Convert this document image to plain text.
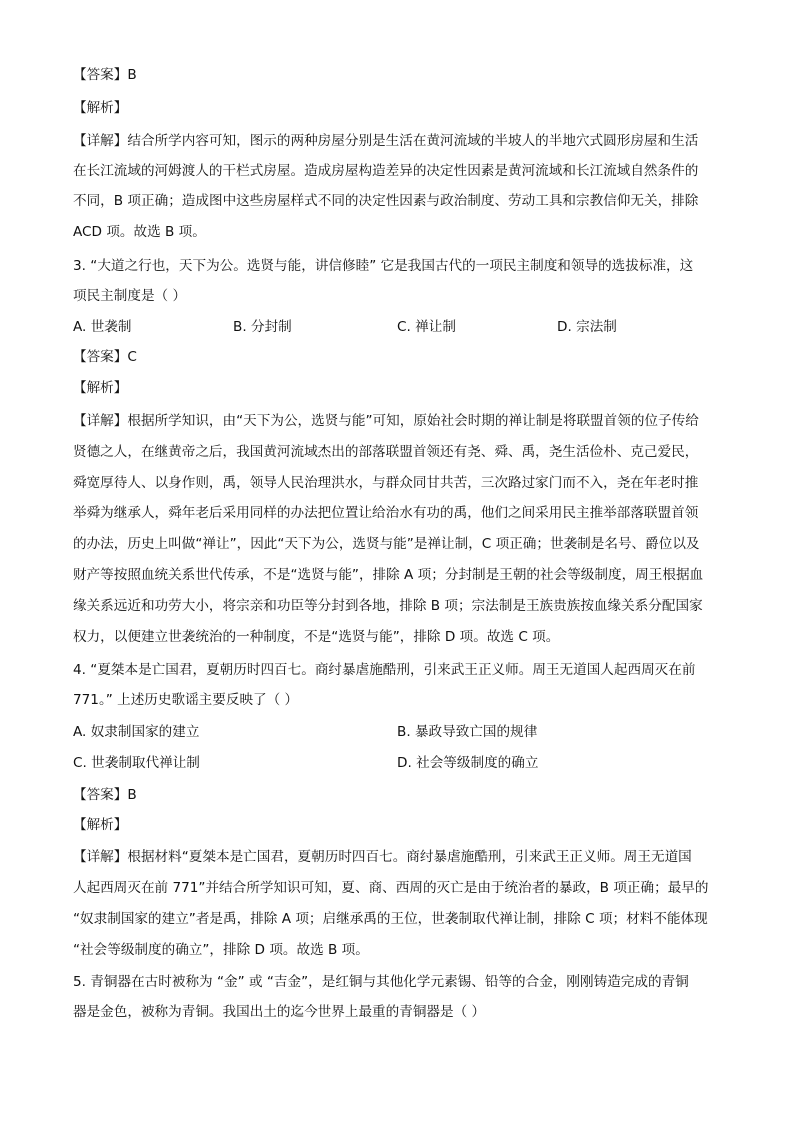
【答案】B
【解析】
【详解】结合所学内容可知，图示的两种房屋分别是生活在黄河流域的半坡人的半地穴式圆形房屋和生活
在长江流域的河姆渡人的干栏式房屋。造成房屋构造差异的决定性因素是黄河流域和长江流域自然条件的
不同，B 项正确；造成图中这些房屋样式不同的决定性因素与政治制度、劳动工具和宗教信仰无关，排除
ACD 项。故选 B 项。
3. “大道之行也，天下为公。选贤与能，讲信修睦” 它是我国古代的一项民主制度和领导的选拔标准，这
项民主制度是（ ）
A. 世袭制	B. 分封制	C. 禅让制	D. 宗法制
【答案】C
【解析】
【详解】根据所学知识，由“天下为公，选贤与能”可知，原始社会时期的禅让制是将联盟首领的位子传给
贤德之人，在继黄帝之后，我国黄河流域杰出的部落联盟首领还有尧、舜、禹，尧生活俭朴、克己爱民，
舜宽厚待人、以身作则，禹，领导人民治理洪水，与群众同甘共苦，三次路过家门而不入，尧在年老时推
举舜为继承人，舜年老后采用同样的办法把位置让给治水有功的禹，他们之间采用民主推举部落联盟首领
的办法，历史上叫做“禅让”，因此“天下为公，选贤与能”是禅让制，C 项正确；世袭制是名号、爵位以及
财产等按照血统关系世代传承，不是“选贤与能”，排除 A 项；分封制是王朝的社会等级制度，周王根据血
缘关系远近和功劳大小，将宗亲和功臣等分封到各地，排除 B 项；宗法制是王族贵族按血缘关系分配国家
权力，以便建立世袭统治的一种制度，不是“选贤与能”，排除 D 项。故选 C 项。
4. “夏桀本是亡国君，夏朝历时四百七。商纣暴虐施酷刑，引来武王正义师。周王无道国人起西周灭在前
771。” 上述历史歌谣主要反映了（ ）
A. 奴隶制国家的建立	B. 暴政导致亡国的规律
C. 世袭制取代禅让制	D. 社会等级制度的确立
【答案】B
【解析】
【详解】根据材料“夏桀本是亡国君，夏朝历时四百七。商纣暴虐施酷刑，引来武王正义师。周王无道国
人起西周灭在前 771”并结合所学知识可知，夏、商、西周的灭亡是由于统治者的暴政，B 项正确；最早的
“奴隶制国家的建立”者是禹，排除 A 项；启继承禹的王位，世袭制取代禅让制，排除 C 项；材料不能体现
“社会等级制度的确立”，排除 D 项。故选 B 项。
5. 青铜器在古时被称为 “金” 或 “吉金”，是红铜与其他化学元素锡、铅等的合金，刚刚铸造完成的青铜
器是金色，被称为青铜。我国出土的迄今世界上最重的青铜器是（ ）
